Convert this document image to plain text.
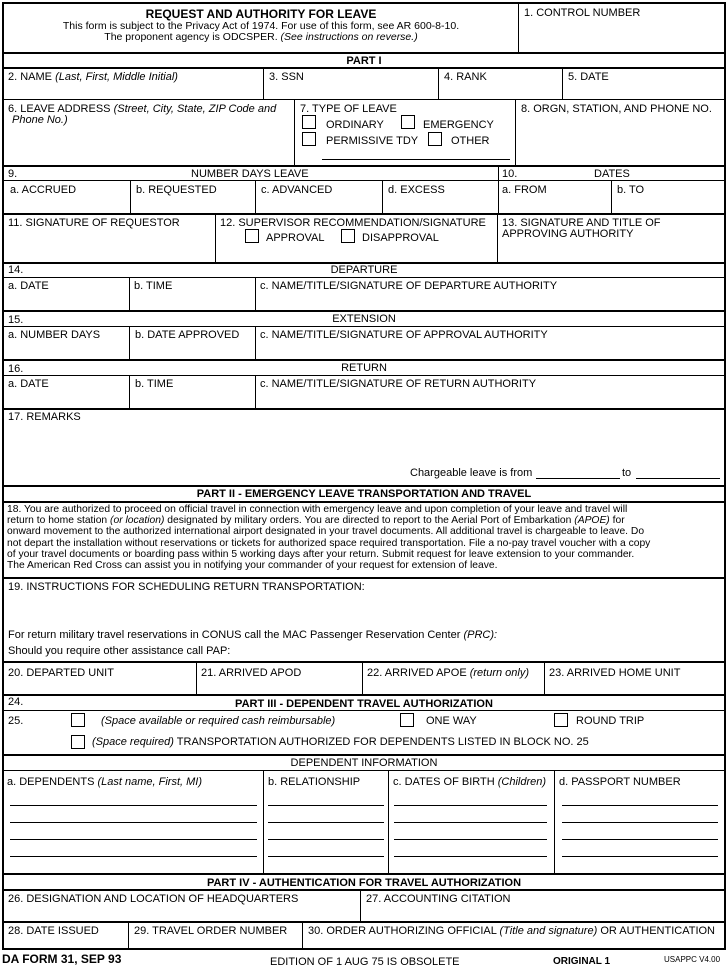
REQUEST AND AUTHORITY FOR LEAVE
This form is subject to the Privacy Act of 1974. For use of this form, see AR 600-8-10.
The proponent agency is ODCSPER. (See instructions on reverse.)
1. CONTROL NUMBER
PART I
2. NAME (Last, First, Middle Initial)	3. SSN	4. RANK	5. DATE
6. LEAVE ADDRESS (Street, City, State, ZIP Code and
Phone No.)
7. TYPE OF LEAVE
ORDINARY	EMERGENCY
PERMISSIVE TDY	OTHER
8. ORGN, STATION, AND PHONE NO.
9.	NUMBER DAYS LEAVE	10.	DATES
a. ACCRUED	b. REQUESTED	c. ADVANCED	d. EXCESS	a. FROM	b. TO
11. SIGNATURE OF REQUESTOR	12. SUPERVISOR RECOMMENDATION/SIGNATURE
APPROVAL	DISAPPROVAL
13. SIGNATURE AND TITLE OF
APPROVING AUTHORITY
14.	DEPARTURE
a. DATE	b. TIME	c. NAME/TITLE/SIGNATURE OF DEPARTURE AUTHORITY
15.	EXTENSION
a. NUMBER DAYS	b. DATE APPROVED c. NAME/TITLE/SIGNATURE OF APPROVAL AUTHORITY
16.	RETURN
a. DATE	b. TIME	c. NAME/TITLE/SIGNATURE OF RETURN AUTHORITY
17. REMARKS
Chargeable leave is from	to
PART II - EMERGENCY LEAVE TRANSPORTATION AND TRAVEL
18. You are authorized to proceed on official travel in connection with emergency leave and upon completion of your leave and travel will
return to home station (or location) designated by military orders. You are directed to report to the Aerial Port of Embarkation (APOE) for
onward movement to the authorized international airport designated in your travel documents. All additional travel is chargeable to leave. Do
not depart the installation without reservations or tickets for authorized space required transportation. File a no-pay travel voucher with a copy
of your travel documents or boarding pass within 5 working days after your return. Submit request for leave extension to your commander.
The American Red Cross can assist you in notifying your commander of your request for extension of leave.
19. INSTRUCTIONS FOR SCHEDULING RETURN TRANSPORTATION:
For return military travel reservations in CONUS call the MAC Passenger Reservation Center (PRC):
Should you require other assistance call PAP:
20. DEPARTED UNIT	21. ARRIVED APOD	22. ARRIVED APOE (return only) 23. ARRIVED HOME UNIT
24.	PART III - DEPENDENT TRAVEL AUTHORIZATION
25.	(Space available or required cash reimbursable)	ONE WAY	ROUND TRIP
(Space required) TRANSPORTATION AUTHORIZED FOR DEPENDENTS LISTED IN BLOCK NO. 25
DEPENDENT INFORMATION
a. DEPENDENTS (Last name, First, MI)	b. RELATIONSHIP	c. DATES OF BIRTH (Children) d. PASSPORT NUMBER
PART IV - AUTHENTICATION FOR TRAVEL AUTHORIZATION
26. DESIGNATION AND LOCATION OF HEADQUARTERS	27. ACCOUNTING CITATION
28. DATE ISSUED	29. TRAVEL ORDER NUMBER 30. ORDER AUTHORIZING OFFICIAL (Title and signature) OR AUTHENTICATION
DA FORM 31, SEP 93	EDITION OF 1 AUG 75 IS OBSOLETE	ORIGINAL 1	USAPPC V4.00
